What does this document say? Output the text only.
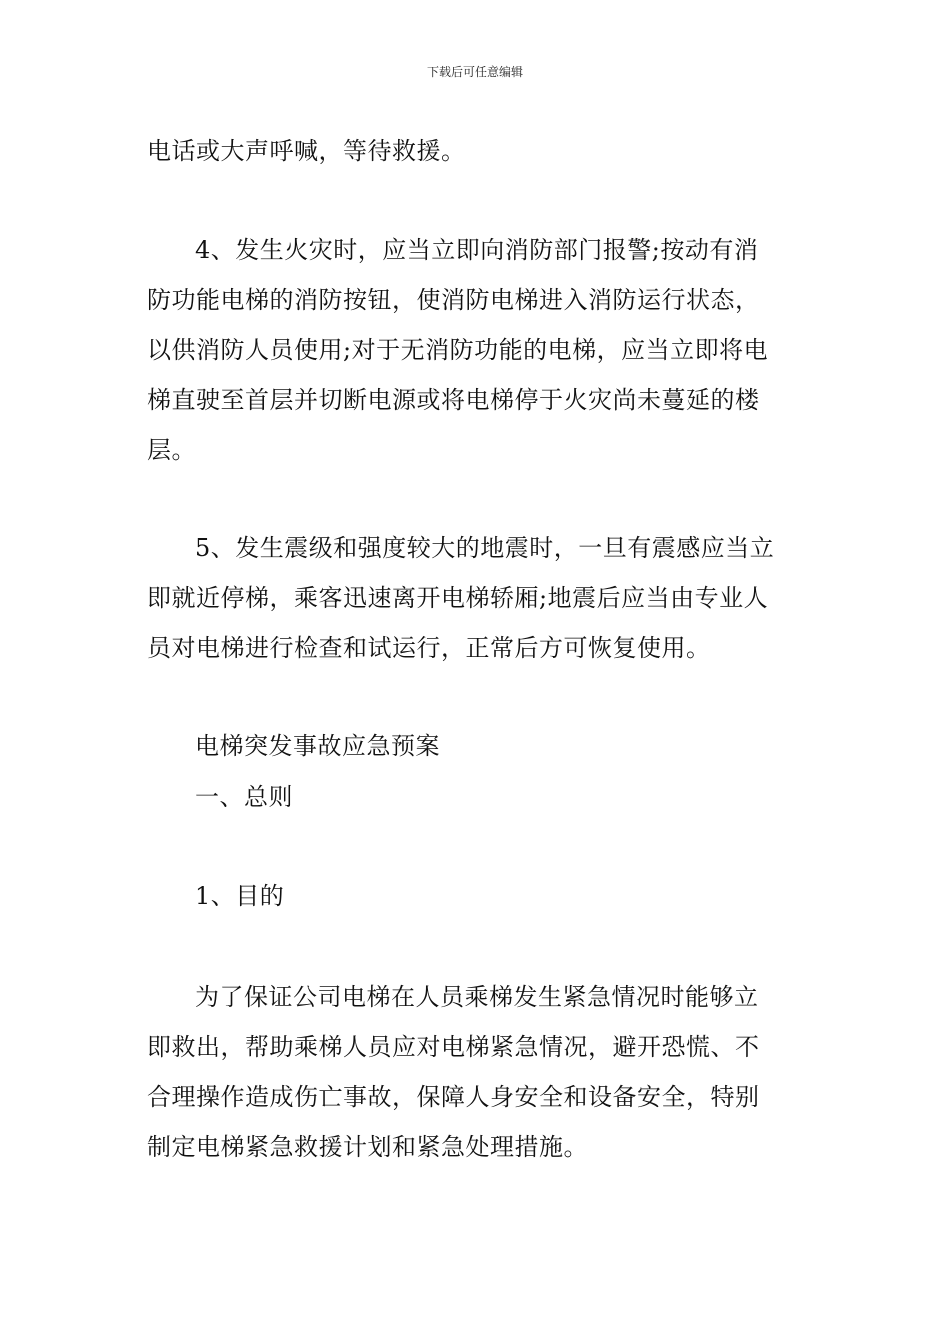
下载后可任意编辑
电话或大声呼喊，等待救援。
4、发生火灾时，应当立即向消防部门报警;按动有消
防功能电梯的消防按钮，使消防电梯进入消防运行状态，
以供消防人员使用;对于无消防功能的电梯，应当立即将电
梯直驶至首层并切断电源或将电梯停于火灾尚未蔓延的楼
层。
5、发生震级和强度较大的地震时，一旦有震感应当立
即就近停梯，乘客迅速离开电梯轿厢;地震后应当由专业人
员对电梯进行检查和试运行，正常后方可恢复使用。
电梯突发事故应急预案
一、总则
1、目的
为了保证公司电梯在人员乘梯发生紧急情况时能够立
即救出，帮助乘梯人员应对电梯紧急情况，避开恐慌、不
合理操作造成伤亡事故，保障人身安全和设备安全，特别
制定电梯紧急救援计划和紧急处理措施。
